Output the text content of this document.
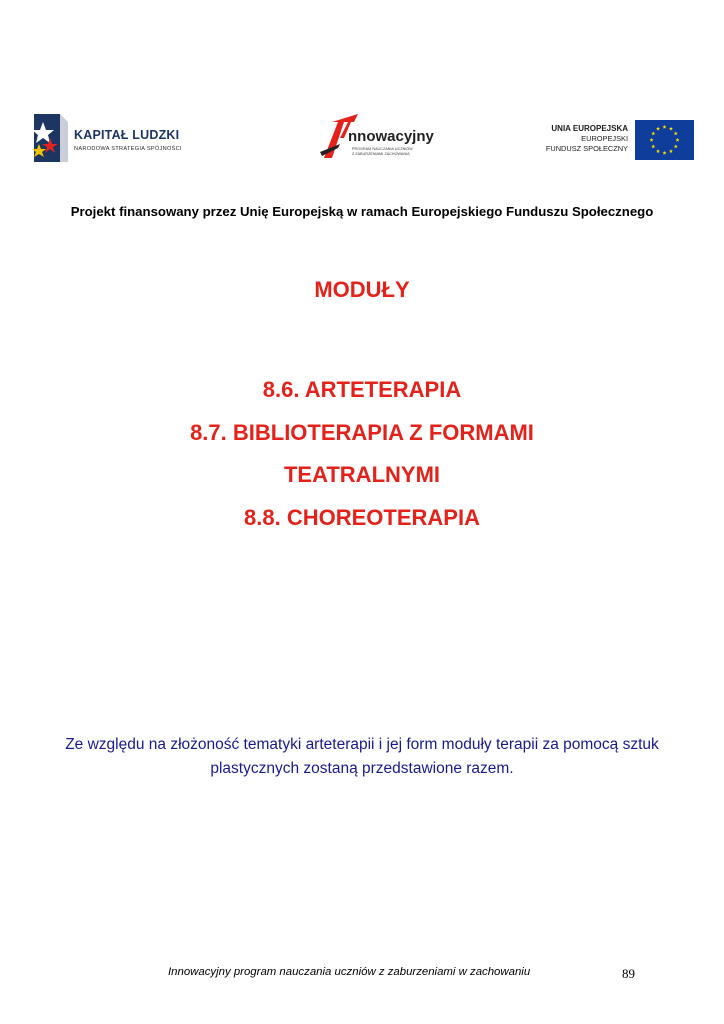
KAPITAŁ LUDZKI
NARODOWA STRATEGIA SPÓJNOŚCI
nnowacyjny
PROGRAM NAUCZANIA UCZNIÓW
Z ZABURZENIAMI ZACHOWANIA
UNIA EUROPEJSKA
EUROPEJSKI
FUNDUSZ SPOŁECZNY
Projekt finansowany przez Unię Europejską w ramach Europejskiego Funduszu Społecznego
MODUŁY
8.6. ARTETERAPIA
8.7. BIBLIOTERAPIA Z FORMAMI
TEATRALNYMI
8.8. CHOREOTERAPIA
Ze względu na złożoność tematyki arteterapii i jej form moduły terapii za pomocą sztuk plastycznych zostaną przedstawione razem.
Innowacyjny program nauczania uczniów z zaburzeniami w zachowaniu	89
